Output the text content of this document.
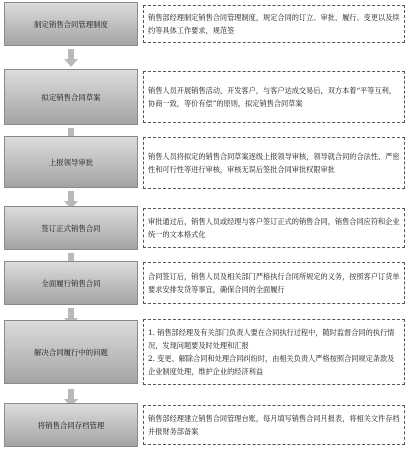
制定销售合同管理制度

销售部经理制定销售合同管理制度，规定合同的订立、审批、履行、变更以及续约等具体工作要求，规范签

拟定销售合同草案

销售人员开展销售活动，开发客户，与客户达成交易后，双方本着“平等互利，协商一致，等价有偿”的原则，拟定销售合同草案

上报领导审批

销售人员将拟定的销售合同草案逐级上报领导审核，领导就合同的合法性、严密性和可行性等进行审核，审核无误后签批合同审批权限审批

签订正式销售合同

审批通过后，销售人员或经理与客户签订正式的销售合同，销售合同应符和企业统一的文本格式化

全面履行销售合同

合同签订后，销售人员及相关部门严格执行合同所规定的义务，按照客户订货单要求安排发货等事宜，确保合同的全面履行

解决合同履行中的问题

1. 销售部经理及有关部门负责人要在合同执行过程中，随时监督合同的执行情况，发现问题要及时处理和汇报

2. 变更、解除合同和处理合同纠纷时，由相关负责人严格按照合同规定条款及企业制度处理，维护企业的经济利益

将销售合同存档管理

销售部经理建立销售合同管理台账，每月填写销售合同月报表，将相关文件存档并报财务部备案
